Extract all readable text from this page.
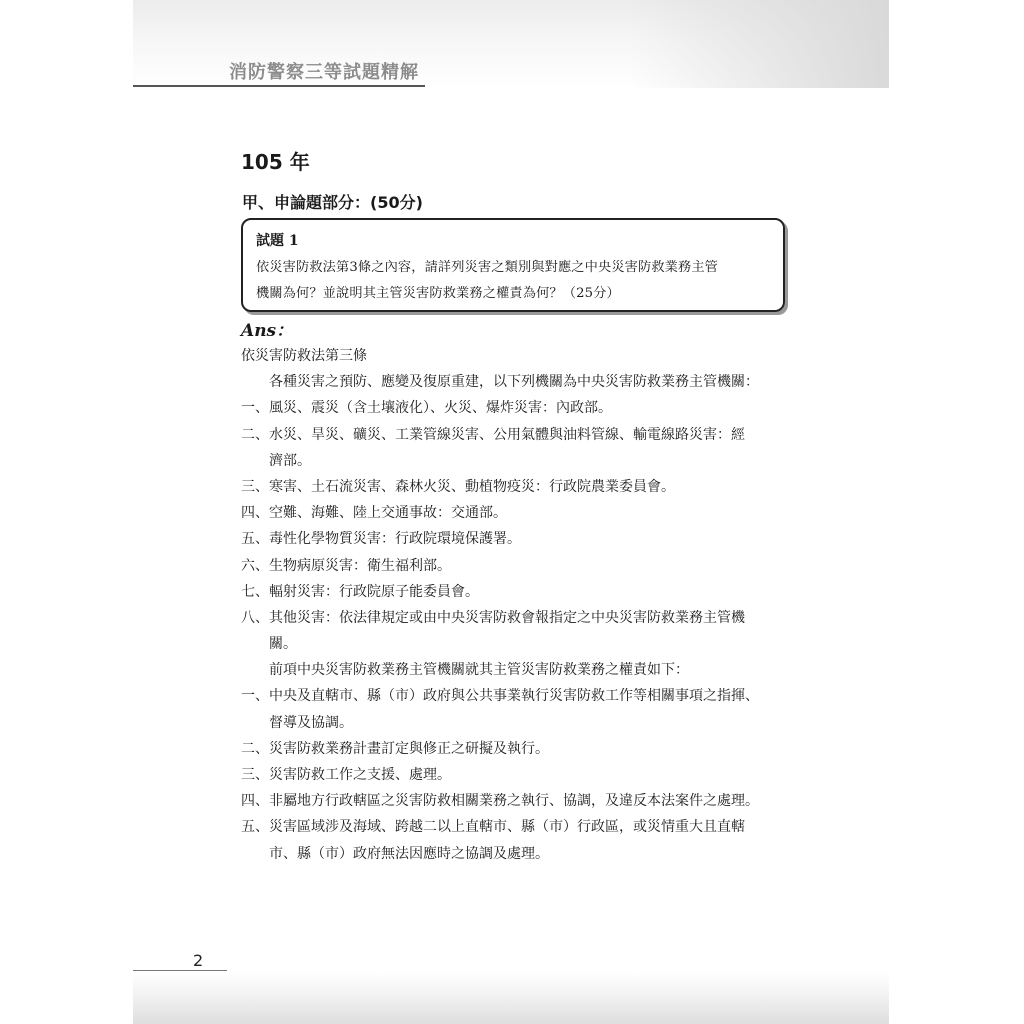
消防警察三等試題精解
105 年
甲、申論題部分：(50分)
試題 1
依災害防救法第3條之內容，請詳列災害之類別與對應之中央災害防救業務主管
機關為何？並說明其主管災害防救業務之權責為何？（25分）
Ans：
依災害防救法第三條
各種災害之預防、應變及復原重建，以下列機關為中央災害防救業務主管機關：
一、風災、震災（含土壤液化）、火災、爆炸災害：內政部。
二、水災、旱災、礦災、工業管線災害、公用氣體與油料管線、輸電線路災害：經
濟部。
三、寒害、土石流災害、森林火災、動植物疫災：行政院農業委員會。
四、空難、海難、陸上交通事故：交通部。
五、毒性化學物質災害：行政院環境保護署。
六、生物病原災害：衛生福利部。
七、輻射災害：行政院原子能委員會。
八、其他災害：依法律規定或由中央災害防救會報指定之中央災害防救業務主管機
關。
前項中央災害防救業務主管機關就其主管災害防救業務之權責如下：
一、中央及直轄市、縣（市）政府與公共事業執行災害防救工作等相關事項之指揮、
督導及協調。
二、災害防救業務計畫訂定與修正之研擬及執行。
三、災害防救工作之支援、處理。
四、非屬地方行政轄區之災害防救相關業務之執行、協調，及違反本法案件之處理。
五、災害區域涉及海域、跨越二以上直轄市、縣（市）行政區，或災情重大且直轄
市、縣（市）政府無法因應時之協調及處理。
2
